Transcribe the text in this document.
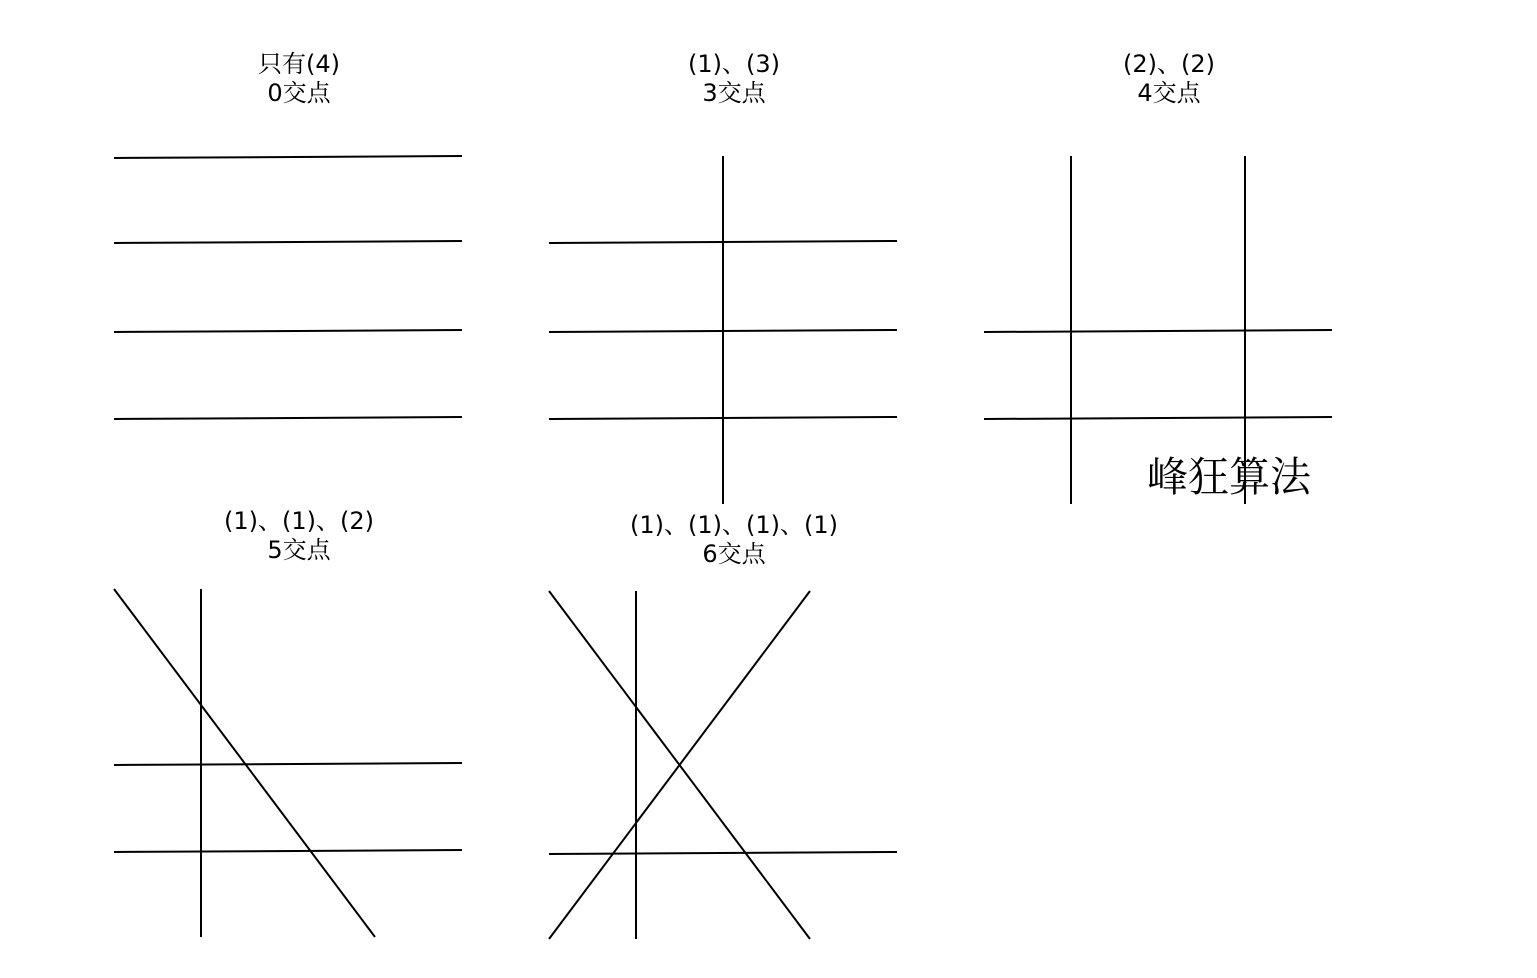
只有(4)
0交点
(1)、(3)
3交点
(2)、(2)
4交点
(1)、(1)、(2)
5交点
(1)、(1)、(1)、(1)
6交点
峰狂算法
